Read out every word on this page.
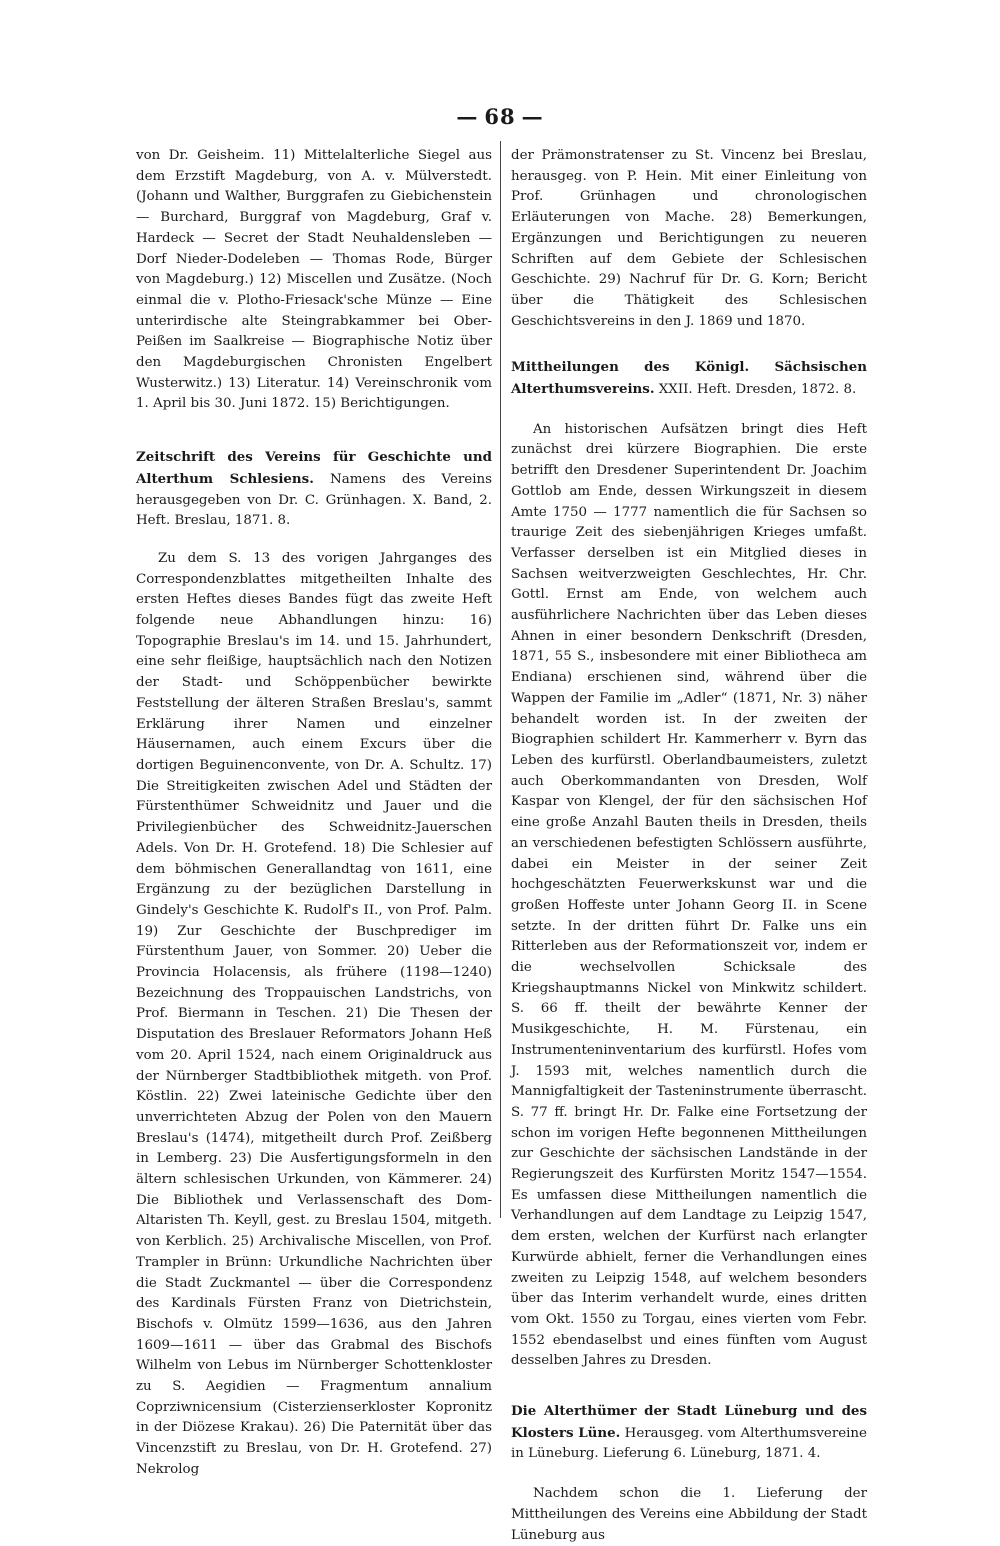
— 68 —

von Dr. Geisheim. 11) Mittelalterliche Siegel aus dem Erzstift Magdeburg, von A. v. Mülverstedt. (Johann und Walther, Burggrafen zu Giebichenstein — Burchard, Burggraf von Magdeburg, Graf v. Hardeck — Secret der Stadt Neuhaldensleben — Dorf Nieder-Dodeleben — Thomas Rode, Bürger von Magdeburg.) 12) Miscellen und Zusätze. (Noch einmal die v. Plotho-Friesack'sche Münze — Eine unterirdische alte Steingrabkammer bei Ober-Peißen im Saalkreise — Biographische Notiz über den Magdeburgischen Chronisten Engelbert Wusterwitz.) 13) Literatur. 14) Vereinschronik vom 1. April bis 30. Juni 1872. 15) Berichtigungen.

Zeitschrift des Vereins für Geschichte und Alterthum Schlesiens. Namens des Vereins herausgegeben von Dr. C. Grünhagen. X. Band, 2. Heft. Breslau, 1871. 8.

Zu dem S. 13 des vorigen Jahrganges des Correspondenzblattes mitgetheilten Inhalte des ersten Heftes dieses Bandes fügt das zweite Heft folgende neue Abhandlungen hinzu: 16) Topographie Breslau's im 14. und 15. Jahrhundert, eine sehr fleißige, hauptsächlich nach den Notizen der Stadt- und Schöppenbücher bewirkte Feststellung der älteren Straßen Breslau's, sammt Erklärung ihrer Namen und einzelner Häusernamen, auch einem Excurs über die dortigen Beguinenconvente, von Dr. A. Schultz. 17) Die Streitigkeiten zwischen Adel und Städten der Fürstenthümer Schweidnitz und Jauer und die Privilegienbücher des Schweidnitz-Jauerschen Adels. Von Dr. H. Grotefend. 18) Die Schlesier auf dem böhmischen Generallandtag von 1611, eine Ergänzung zu der bezüglichen Darstellung in Gindely's Geschichte K. Rudolf's II., von Prof. Palm. 19) Zur Geschichte der Buschprediger im Fürstenthum Jauer, von Sommer. 20) Ueber die Provincia Holacensis, als frühere (1198—1240) Bezeichnung des Troppauischen Landstrichs, von Prof. Biermann in Teschen. 21) Die Thesen der Disputation des Breslauer Reformators Johann Heß vom 20. April 1524, nach einem Originaldruck aus der Nürnberger Stadtbibliothek mitgeth. von Prof. Köstlin. 22) Zwei lateinische Gedichte über den unverrichteten Abzug der Polen von den Mauern Breslau's (1474), mitgetheilt durch Prof. Zeißberg in Lemberg. 23) Die Ausfertigungsformeln in den ältern schlesischen Urkunden, von Kämmerer. 24) Die Bibliothek und Verlassenschaft des Dom-Altaristen Th. Keyll, gest. zu Breslau 1504, mitgeth. von Kerblich. 25) Archivalische Miscellen, von Prof. Trampler in Brünn: Urkundliche Nachrichten über die Stadt Zuckmantel — über die Correspondenz des Kardinals Fürsten Franz von Dietrichstein, Bischofs v. Olmütz 1599—1636, aus den Jahren 1609—1611 — über das Grabmal des Bischofs Wilhelm von Lebus im Nürnberger Schottenkloster zu S. Aegidien — Fragmentum annalium Coprziwnicensium (Cisterzienserkloster Kopronitz in der Diözese Krakau). 26) Die Paternität über das Vincenzstift zu Breslau, von Dr. H. Grotefend. 27) Nekrolog

der Prämonstratenser zu St. Vincenz bei Breslau, herausgeg. von P. Hein. Mit einer Einleitung von Prof. Grünhagen und chronologischen Erläuterungen von Mache. 28) Bemerkungen, Ergänzungen und Berichtigungen zu neueren Schriften auf dem Gebiete der Schlesischen Geschichte. 29) Nachruf für Dr. G. Korn; Bericht über die Thätigkeit des Schlesischen Geschichtsvereins in den J. 1869 und 1870.

Mittheilungen des Königl. Sächsischen Alterthumsvereins. XXII. Heft. Dresden, 1872. 8.

An historischen Aufsätzen bringt dies Heft zunächst drei kürzere Biographien. Die erste betrifft den Dresdener Superintendent Dr. Joachim Gottlob am Ende, dessen Wirkungszeit in diesem Amte 1750 — 1777 namentlich die für Sachsen so traurige Zeit des siebenjährigen Krieges umfaßt. Verfasser derselben ist ein Mitglied dieses in Sachsen weitverzweigten Geschlechtes, Hr. Chr. Gottl. Ernst am Ende, von welchem auch ausführlichere Nachrichten über das Leben dieses Ahnen in einer besondern Denkschrift (Dresden, 1871, 55 S., insbesondere mit einer Bibliotheca am Endiana) erschienen sind, während über die Wappen der Familie im „Adler“ (1871, Nr. 3) näher behandelt worden ist. In der zweiten der Biographien schildert Hr. Kammerherr v. Byrn das Leben des kurfürstl. Oberlandbaumeisters, zuletzt auch Oberkommandanten von Dresden, Wolf Kaspar von Klengel, der für den sächsischen Hof eine große Anzahl Bauten theils in Dresden, theils an verschiedenen befestigten Schlössern ausführte, dabei ein Meister in der seiner Zeit hochgeschätzten Feuerwerkskunst war und die großen Hoffeste unter Johann Georg II. in Scene setzte. In der dritten führt Dr. Falke uns ein Ritterleben aus der Reformationszeit vor, indem er die wechselvollen Schicksale des Kriegshauptmanns Nickel von Minkwitz schildert. S. 66 ff. theilt der bewährte Kenner der Musikgeschichte, H. M. Fürstenau, ein Instrumenteninventarium des kurfürstl. Hofes vom J. 1593 mit, welches namentlich durch die Mannigfaltigkeit der Tasteninstrumente überrascht. S. 77 ff. bringt Hr. Dr. Falke eine Fortsetzung der schon im vorigen Hefte begonnenen Mittheilungen zur Geschichte der sächsischen Landstände in der Regierungszeit des Kurfürsten Moritz 1547—1554. Es umfassen diese Mittheilungen namentlich die Verhandlungen auf dem Landtage zu Leipzig 1547, dem ersten, welchen der Kurfürst nach erlangter Kurwürde abhielt, ferner die Verhandlungen eines zweiten zu Leipzig 1548, auf welchem besonders über das Interim verhandelt wurde, eines dritten vom Okt. 1550 zu Torgau, eines vierten vom Febr. 1552 ebendaselbst und eines fünften vom August desselben Jahres zu Dresden.

Die Alterthümer der Stadt Lüneburg und des Klosters Lüne. Herausgeg. vom Alterthumsvereine in Lüneburg. Lieferung 6. Lüneburg, 1871. 4.

Nachdem schon die 1. Lieferung der Mittheilungen des Vereins eine Abbildung der Stadt Lüneburg aus
